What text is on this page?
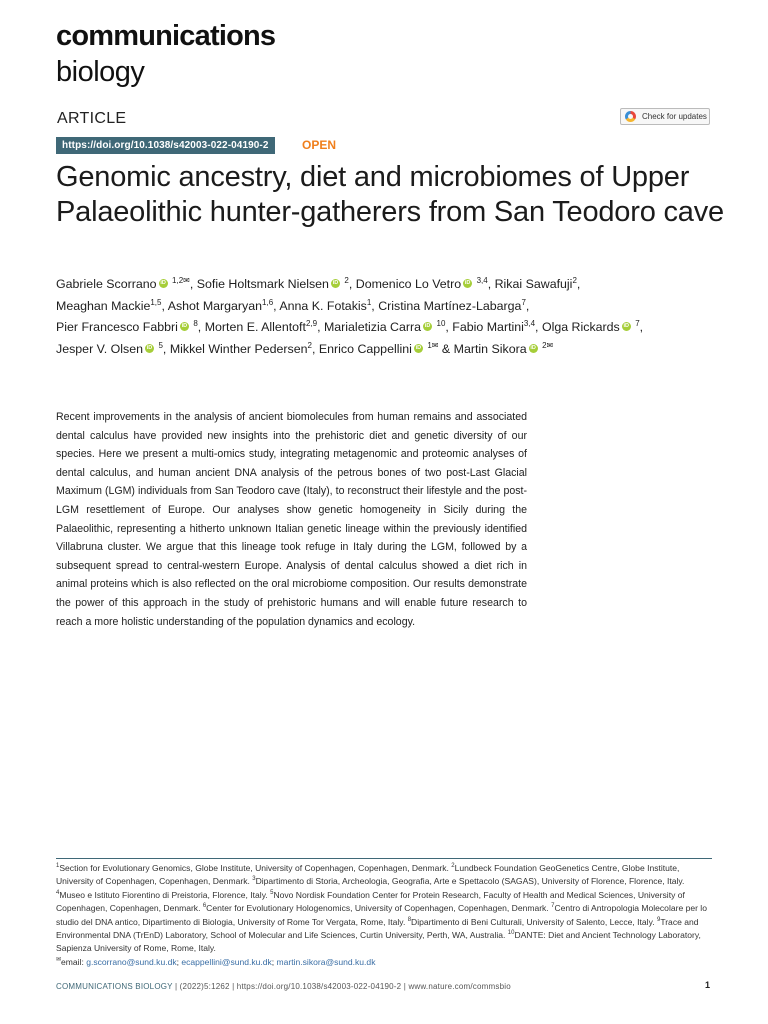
communications
biology
ARTICLE	Check for updates
https://doi.org/10.1038/s42003-022-04190-2	OPEN
Genomic ancestry, diet and microbiomes of Upper Palaeolithic hunter-gatherers from San Teodoro cave
Gabriele Scorrano iD $^{1,2✉}$, Sofie Holtsmark Nielsen iD $^2$, Domenico Lo Vetro iD $^{3,4}$, Rikai Sawafuji$^2$,
Meaghan Mackie$^{1,5}$, Ashot Margaryan$^{1,6}$, Anna K. Fotakis$^1$, Cristina Martínez-Labarga$^7$,
Pier Francesco Fabbri iD $^8$, Morten E. Allentoft$^{2,9}$, Marialetizia Carra iD $^{10}$, Fabio Martini$^{3,4}$, Olga Rickards iD $^7$,
Jesper V. Olsen iD $^5$, Mikkel Winther Pedersen$^2$, Enrico Cappellini iD $^{1✉}$ & Martin Sikora iD $^{2✉}$

Recent improvements in the analysis of ancient biomolecules from human remains and associated dental calculus have provided new insights into the prehistoric diet and genetic diversity of our species. Here we present a multi-omics study, integrating metagenomic and proteomic analyses of dental calculus, and human ancient DNA analysis of the petrous bones of two post-Last Glacial Maximum (LGM) individuals from San Teodoro cave (Italy), to reconstruct their lifestyle and the post-LGM resettlement of Europe. Our analyses show genetic homogeneity in Sicily during the Palaeolithic, representing a hitherto unknown Italian genetic lineage within the previously identified Villabruna cluster. We argue that this lineage took refuge in Italy during the LGM, followed by a subsequent spread to central-western Europe. Analysis of dental calculus showed a diet rich in animal proteins which is also reflected on the oral microbiome composition. Our results demonstrate the power of this approach in the study of prehistoric humans and will enable future research to reach a more holistic understanding of the population dynamics and ecology.

$^1$Section for Evolutionary Genomics, Globe Institute, University of Copenhagen, Copenhagen, Denmark. $^2$Lundbeck Foundation GeoGenetics Centre, Globe Institute, University of Copenhagen, Copenhagen, Denmark. $^3$Dipartimento di Storia, Archeologia, Geografia, Arte e Spettacolo (SAGAS), University of Florence, Florence, Italy. $^4$Museo e Istituto Fiorentino di Preistoria, Florence, Italy. $^5$Novo Nordisk Foundation Center for Protein Research, Faculty of Health and Medical Sciences, University of Copenhagen, Copenhagen, Denmark. $^6$Center for Evolutionary Hologenomics, University of Copenhagen, Copenhagen, Denmark. $^7$Centro di Antropologia Molecolare per lo studio del DNA antico, Dipartimento di Biologia, University of Rome Tor Vergata, Rome, Italy. $^8$Dipartimento di Beni Culturali, University of Salento, Lecce, Italy. $^9$Trace and Environmental DNA (TrEnD) Laboratory, School of Molecular and Life Sciences, Curtin University, Perth, WA, Australia. $^{10}$DANTE: Diet and Ancient Technology Laboratory, Sapienza University of Rome, Rome, Italy.
✉email: g.scorrano@sund.ku.dk; ecappellini@sund.ku.dk; martin.sikora@sund.ku.dk
COMMUNICATIONS BIOLOGY | (2022)5:1262 | https://doi.org/10.1038/s42003-022-04190-2 | www.nature.com/commsbio	1
